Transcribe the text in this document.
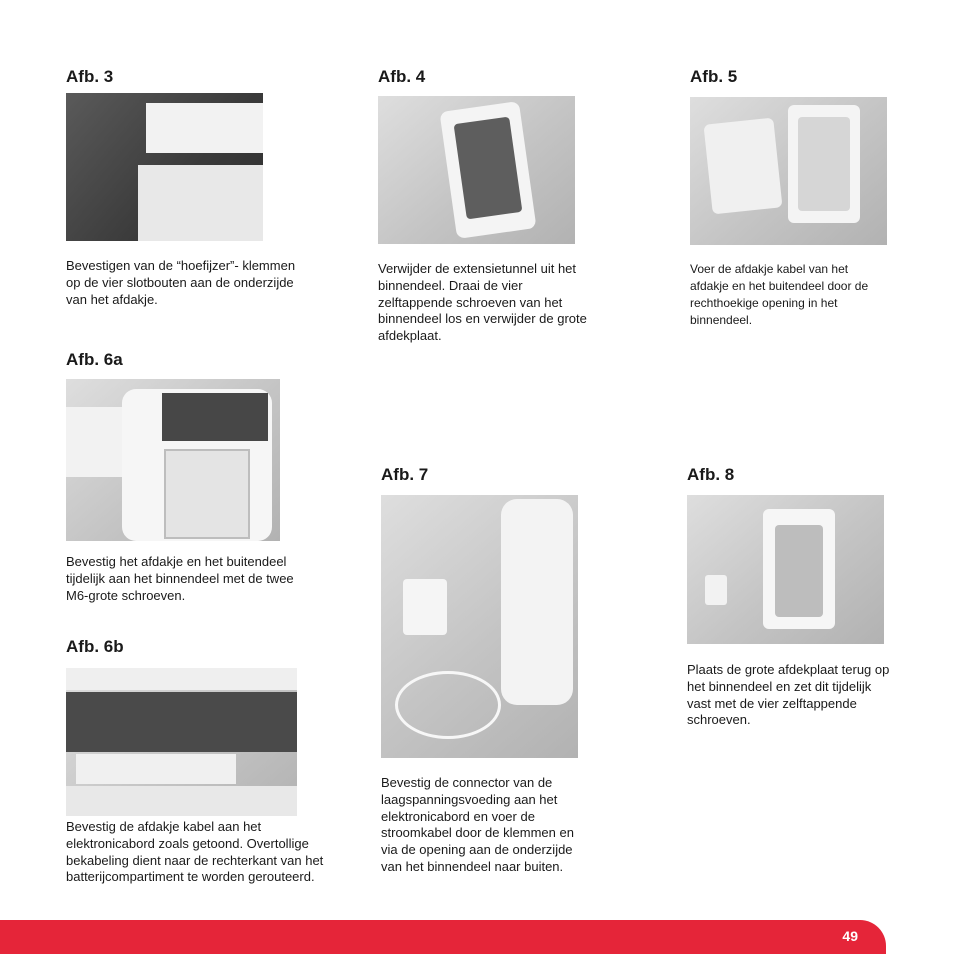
Afb. 3
Bevestigen van de “hoefijzer”- klemmen op de vier slotbouten aan de onderzijde van het afdakje.
Afb. 4
Verwijder de extensietunnel uit het binnendeel. Draai de vier zelftappende schroeven van het binnendeel los en verwijder de grote afdekplaat.
Afb. 5
Voer de afdakje kabel van het afdakje en het buitendeel door de rechthoekige opening in het binnendeel.
Afb. 6a
Bevestig het afdakje en het buitendeel tijdelijk aan het binnendeel met de twee M6-grote schroeven.
Afb. 6b
Bevestig de afdakje kabel aan het elektronicabord zoals getoond. Overtollige bekabeling dient naar de rechterkant van het batterijcompartiment te worden gerouteerd.
Afb. 7
Bevestig de connector van de laagspanningsvoeding aan het elektronicabord en voer de stroomkabel door de klemmen en via de opening aan de onderzijde van het binnendeel naar buiten.
Afb. 8
Plaats de grote afdekplaat terug op het binnendeel en zet dit tijdelijk vast met de vier zelftappende schroeven.
49
